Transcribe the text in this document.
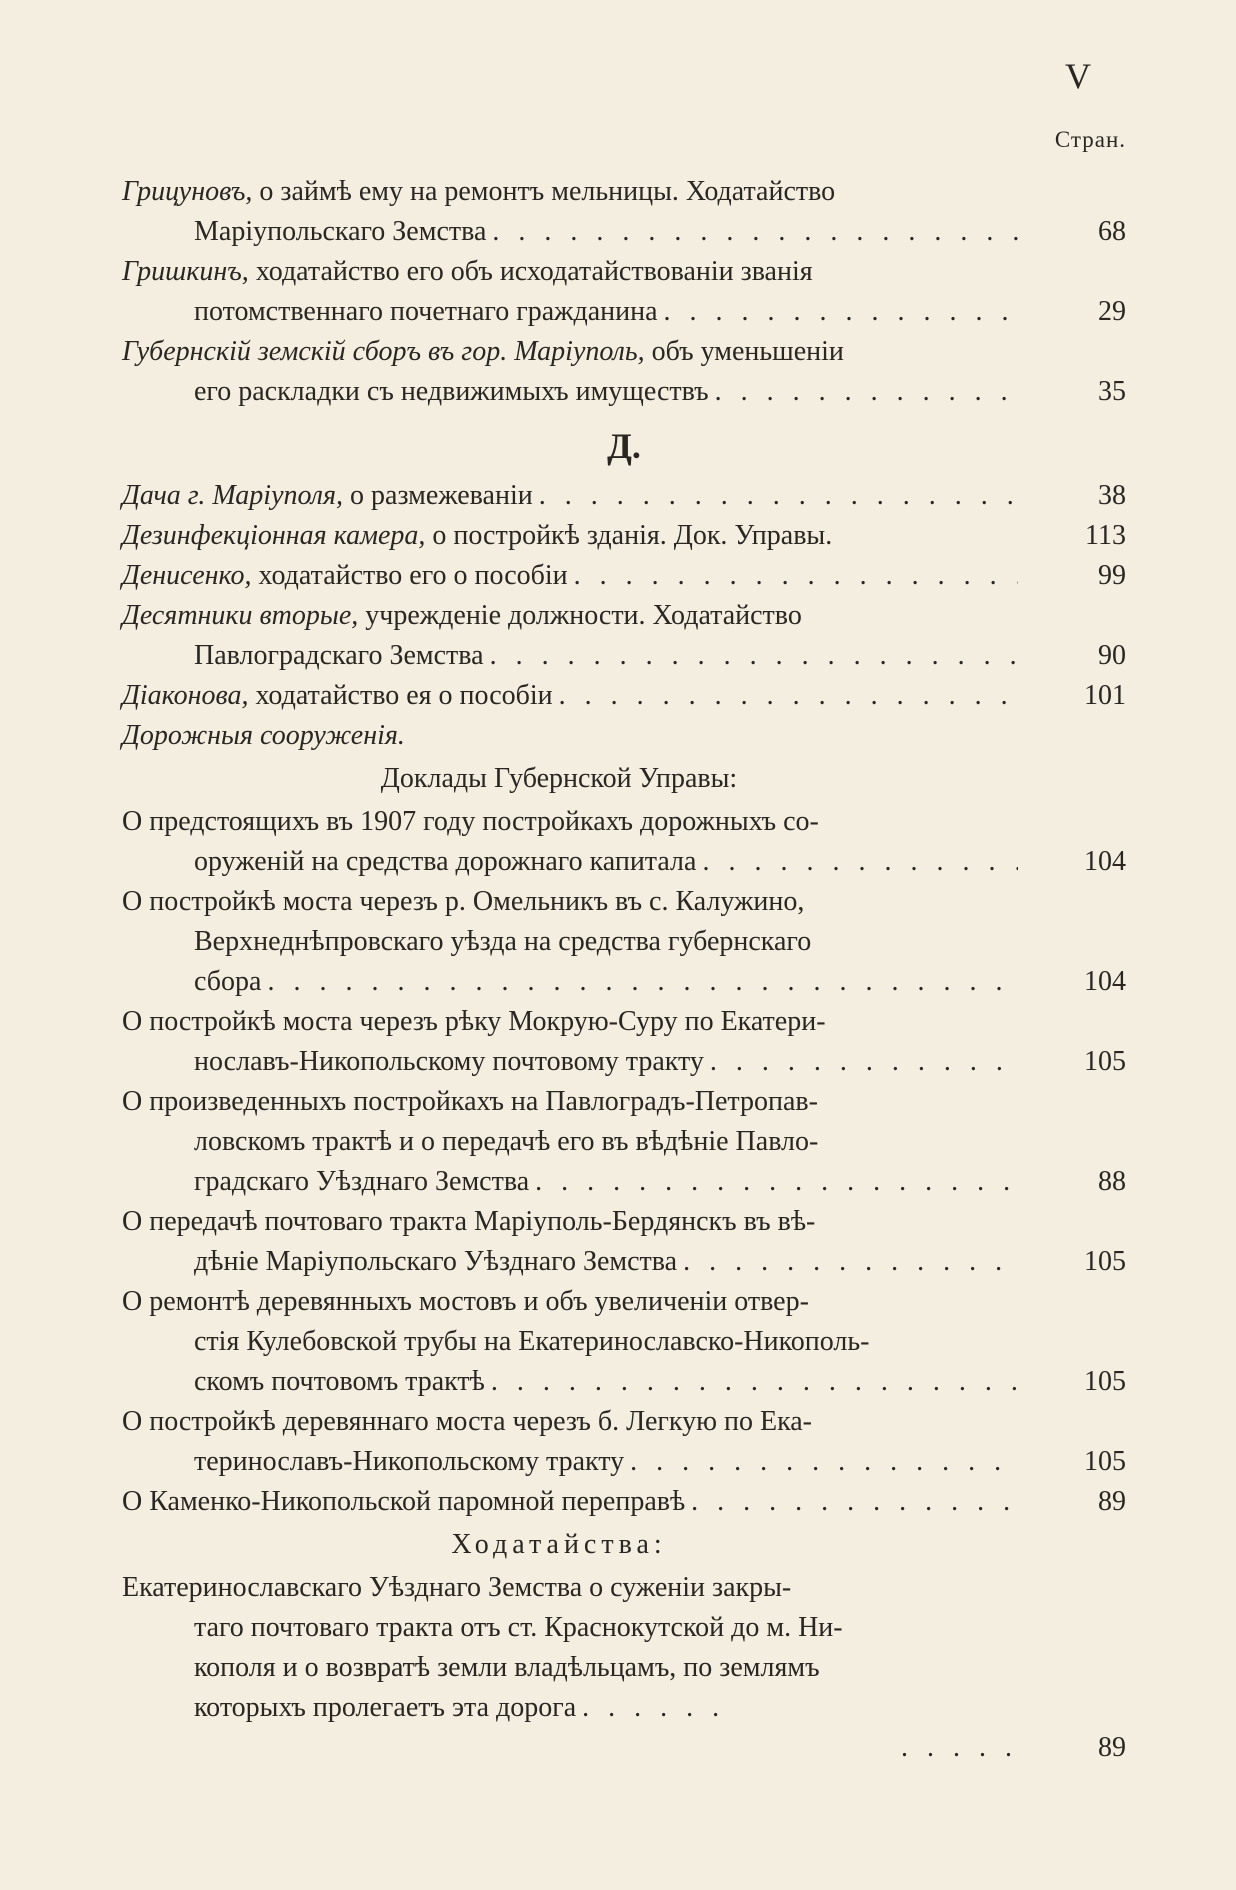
V
Стран.
Грицуновъ, о займѣ ему на ремонтъ мельницы. Ходатайство
Маріупольскаго Земства . . .	68
Гришкинъ, ходатайство его объ исходатайствованіи званія
потомственнаго почетнаго гражданина . . .	29
Губернскій земскій сборъ въ гор. Маріуполь, объ уменьшеніи
его раскладки съ недвижимыхъ имуществъ . . .	35
Д.
Дача г. Маріуполя, о размежеваніи . . .	38
Дезинфекціонная камера, о постройкѣ зданія. Док. Управы.	113
Денисенко, ходатайство его о пособіи . . .	99
Десятники вторые, учрежденіе должности. Ходатайство
Павлоградскаго Земства . . .	90
Діаконова, ходатайство ея о пособіи . . .	101
Дорожныя сооруженія.
Доклады Губернской Управы:
О предстоящихъ въ 1907 году постройкахъ дорожныхъ со-
оруженій на средства дорожнаго капитала . . .	104
О постройкѣ моста черезъ р. Омельникъ въ с. Калужино,
Верхнеднѣпровскаго уѣзда на средства губернскаго
сбора . . .	104
О постройкѣ моста черезъ рѣку Мокрую-Суру по Екатери-
нославъ-Никопольскому почтовому тракту . . .	105
О произведенныхъ постройкахъ на Павлоградъ-Петропав-
ловскомъ трактѣ и о передачѣ его въ вѣдѣніе Павло-
градскаго Уѣзднаго Земства . . .	88
О передачѣ почтоваго тракта Маріуполь-Бердянскъ въ вѣ-
дѣніе Маріупольскаго Уѣзднаго Земства . . .	105
О ремонтѣ деревянныхъ мостовъ и объ увеличеніи отвер-
стія Кулебовской трубы на Екатеринославско-Никополь-
скомъ почтовомъ трактѣ . . .	105
О постройкѣ деревяннаго моста черезъ б. Легкую по Ека-
теринославъ-Никопольскому тракту . . .	105
О Каменко-Никопольской паромной переправѣ . . .	89
Ходатайства:
Екатеринославскаго Уѣзднаго Земства о суженіи закры-
таго почтоваго тракта отъ ст. Краснокутской до м. Ни-
кополя и о возвратѣ земли владѣльцамъ, по землямъ
которыхъ пролегаетъ эта дорога . . . . . .
. . . . .	89
